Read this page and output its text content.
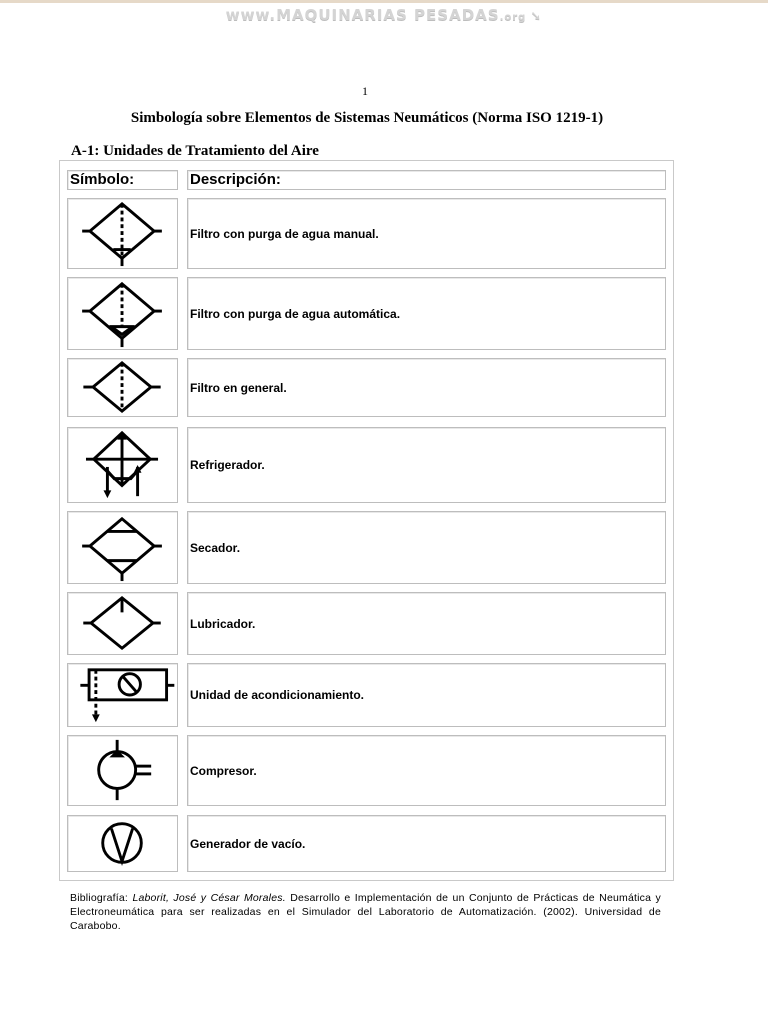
www.MAQUINARIAS PESADAS.org ➘
1
Simbología sobre Elementos de Sistemas Neumáticos (Norma ISO 1219-1)
A-1: Unidades de Tratamiento del Aire
Símbolo:	Descripción:
Filtro con purga de agua manual.
Filtro con purga de agua automática.
Filtro en general.
Refrigerador.
Secador.
Lubricador.
Unidad de acondicionamiento.
Compresor.
Generador de vacío.
Bibliografía: Laborit, José y César Morales. Desarrollo e Implementación de un Conjunto de Prácticas de Neumática y Electroneumática para ser realizadas en el Simulador del Laboratorio de Automatización. (2002). Universidad de Carabobo.
